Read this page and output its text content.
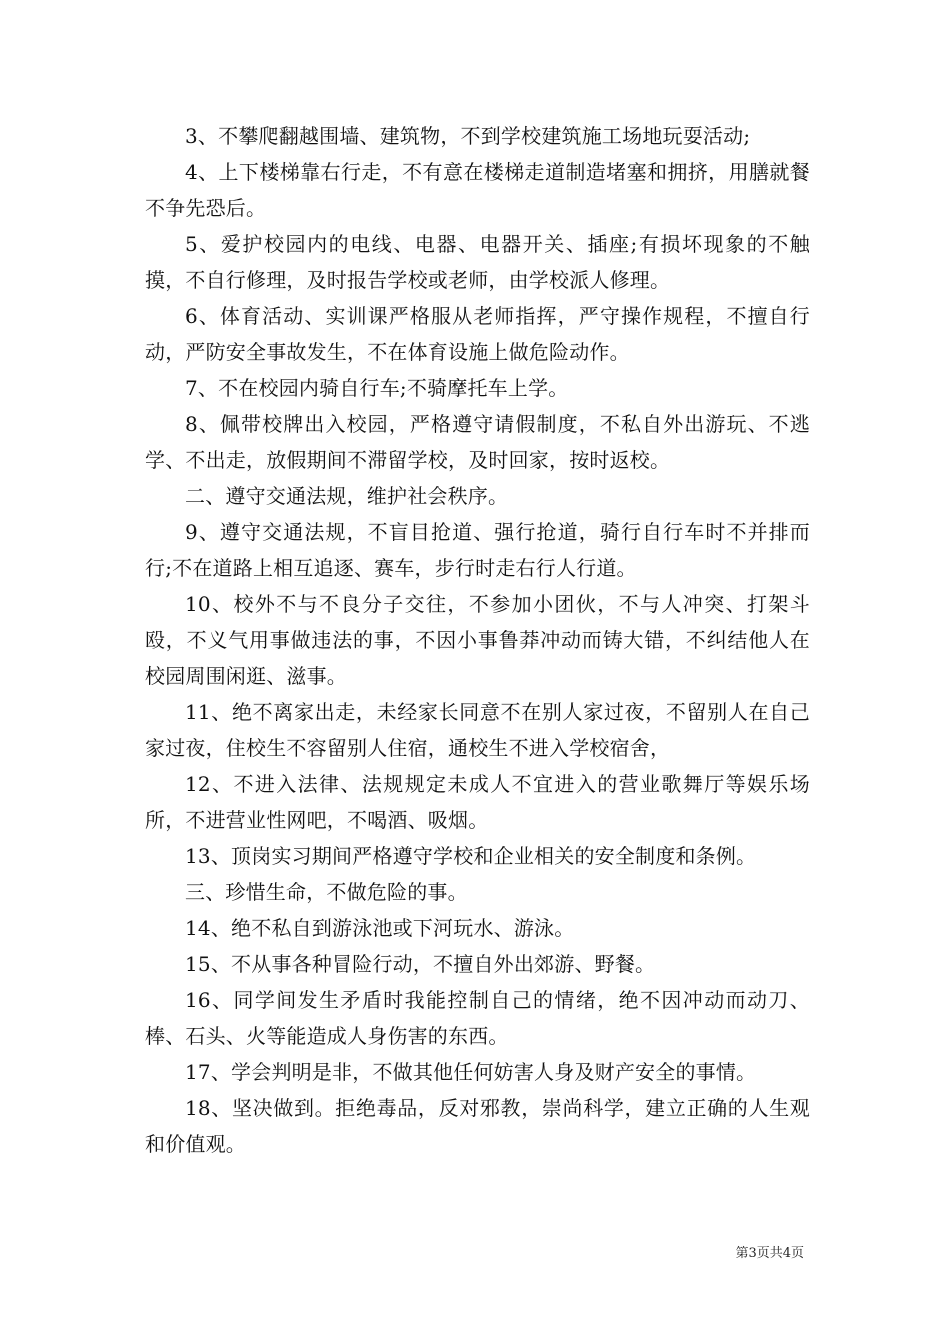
3、不攀爬翻越围墙、建筑物，不到学校建筑施工场地玩耍活动;

4、上下楼梯靠右行走，不有意在楼梯走道制造堵塞和拥挤，用膳就餐不争先恐后。

5、爱护校园内的电线、电器、电器开关、插座;有损坏现象的不触摸，不自行修理，及时报告学校或老师，由学校派人修理。

6、体育活动、实训课严格服从老师指挥，严守操作规程，不擅自行动，严防安全事故发生，不在体育设施上做危险动作。

7、不在校园内骑自行车;不骑摩托车上学。

8、佩带校牌出入校园，严格遵守请假制度，不私自外出游玩、不逃学、不出走，放假期间不滞留学校，及时回家，按时返校。

二、遵守交通法规，维护社会秩序。

9、遵守交通法规，不盲目抢道、强行抢道，骑行自行车时不并排而行;不在道路上相互追逐、赛车，步行时走右行人行道。

10、校外不与不良分子交往，不参加小团伙，不与人冲突、打架斗殴，不义气用事做违法的事，不因小事鲁莽冲动而铸大错，不纠结他人在校园周围闲逛、滋事。

11、绝不离家出走，未经家长同意不在别人家过夜，不留别人在自己家过夜，住校生不容留别人住宿，通校生不进入学校宿舍，

12、不进入法律、法规规定未成人不宜进入的营业歌舞厅等娱乐场所，不进营业性网吧，不喝酒、吸烟。

13、顶岗实习期间严格遵守学校和企业相关的安全制度和条例。

三、珍惜生命，不做危险的事。

14、绝不私自到游泳池或下河玩水、游泳。

15、不从事各种冒险行动，不擅自外出郊游、野餐。

16、同学间发生矛盾时我能控制自己的情绪，绝不因冲动而动刀、棒、石头、火等能造成人身伤害的东西。

17、学会判明是非，不做其他任何妨害人身及财产安全的事情。

18、坚决做到。拒绝毒品，反对邪教，崇尚科学，建立正确的人生观和价值观。

第3页共4页
